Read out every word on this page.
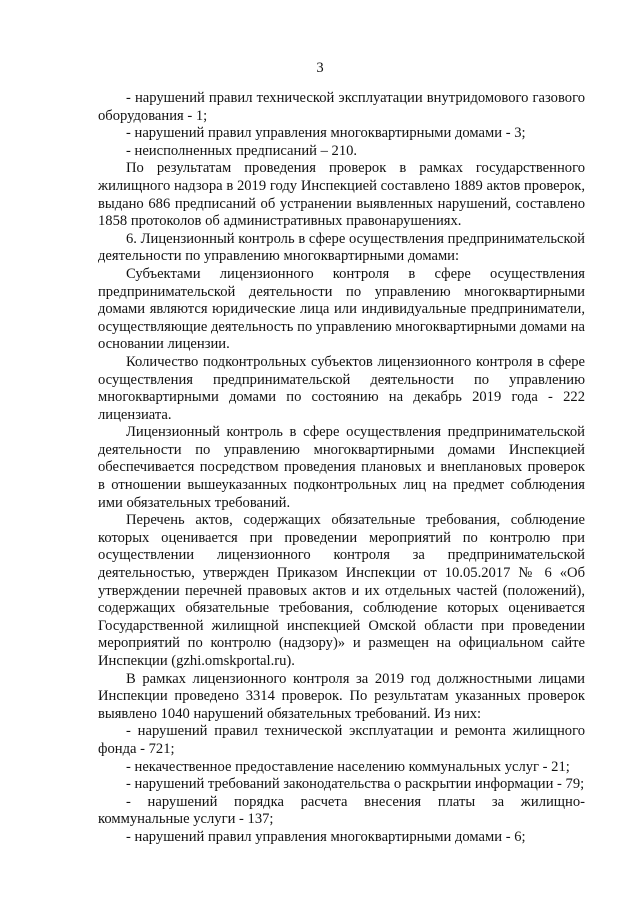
3

- нарушений правил технической эксплуатации внутридомового газового оборудования - 1;

- нарушений правил управления многоквартирными домами - 3;

- неисполненных предписаний – 210.

По результатам проведения проверок в рамках государственного жилищного надзора в 2019 году Инспекцией составлено 1889 актов проверок, выдано 686 предписаний об устранении выявленных нарушений, составлено 1858 протоколов об административных правонарушениях.

6. Лицензионный контроль в сфере осуществления предпринимательской деятельности по управлению многоквартирными домами:

Субъектами лицензионного контроля в сфере осуществления предпринимательской деятельности по управлению многоквартирными домами являются юридические лица или индивидуальные предприниматели, осуществляющие деятельность по управлению многоквартирными домами на основании лицензии.

Количество подконтрольных субъектов лицензионного контроля в сфере осуществления предпринимательской деятельности по управлению многоквартирными домами по состоянию на декабрь 2019 года - 222 лицензиата.

Лицензионный контроль в сфере осуществления предпринимательской деятельности по управлению многоквартирными домами Инспекцией обеспечивается посредством проведения плановых и внеплановых проверок в отношении вышеуказанных подконтрольных лиц на предмет соблюдения ими обязательных требований.

Перечень актов, содержащих обязательные требования, соблюдение которых оценивается при проведении мероприятий по контролю при осуществлении лицензионного контроля за предпринимательской деятельностью, утвержден Приказом Инспекции от 10.05.2017 № 6 «Об утверждении перечней правовых актов и их отдельных частей (положений), содержащих обязательные требования, соблюдение которых оценивается Государственной жилищной инспекцией Омской области при проведении мероприятий по контролю (надзору)» и размещен на официальном сайте Инспекции (gzhi.omskportal.ru).

В рамках лицензионного контроля за 2019 год должностными лицами Инспекции проведено 3314 проверок. По результатам указанных проверок выявлено 1040 нарушений обязательных требований. Из них:

- нарушений правил технической эксплуатации и ремонта жилищного фонда - 721;

- некачественное предоставление населению коммунальных услуг - 21;

- нарушений требований законодательства о раскрытии информации - 79;

- нарушений порядка расчета внесения платы за жилищно-коммунальные услуги - 137;

- нарушений правил управления многоквартирными домами - 6;
